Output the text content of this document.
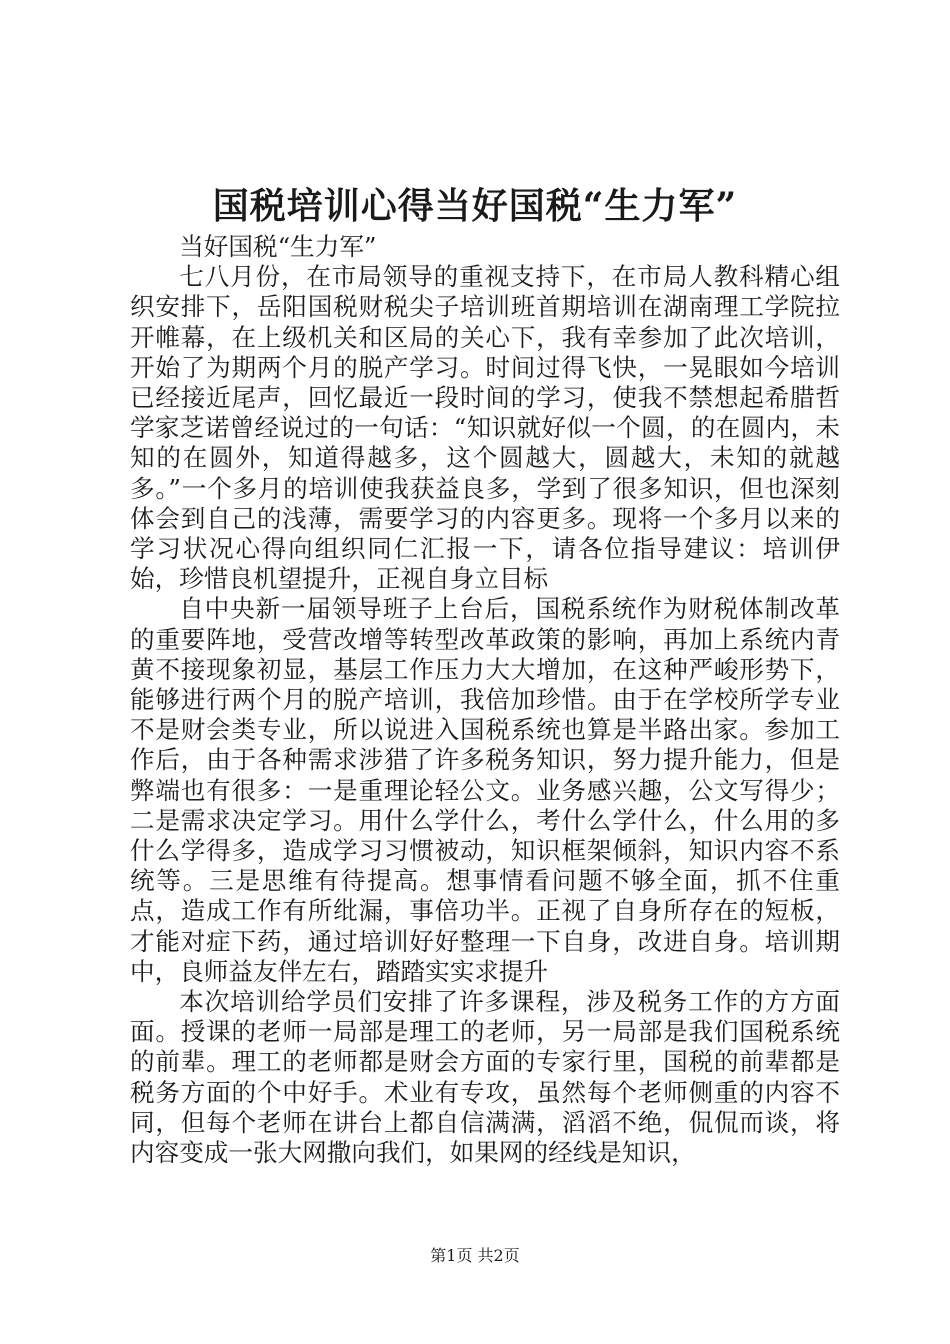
国税培训心得当好国税“生力军”

当好国税“生力军”

七八月份，在市局领导的重视支持下，在市局人教科精心组织安排下，岳阳国税财税尖子培训班首期培训在湖南理工学院拉开帷幕，在上级机关和区局的关心下，我有幸参加了此次培训，开始了为期两个月的脱产学习。时间过得飞快，一晃眼如今培训已经接近尾声，回忆最近一段时间的学习，使我不禁想起希腊哲学家芝诺曾经说过的一句话：“知识就好似一个圆，的在圆内，未知的在圆外，知道得越多，这个圆越大，圆越大，未知的就越多。”一个多月的培训使我获益良多，学到了很多知识，但也深刻体会到自己的浅薄，需要学习的内容更多。现将一个多月以来的学习状况心得向组织同仁汇报一下，请各位指导建议：培训伊始，珍惜良机望提升，正视自身立目标

自中央新一届领导班子上台后，国税系统作为财税体制改革的重要阵地，受营改增等转型改革政策的影响，再加上系统内青黄不接现象初显，基层工作压力大大增加，在这种严峻形势下，能够进行两个月的脱产培训，我倍加珍惜。由于在学校所学专业不是财会类专业，所以说进入国税系统也算是半路出家。参加工作后，由于各种需求涉猎了许多税务知识，努力提升能力，但是弊端也有很多：一是重理论轻公文。业务感兴趣，公文写得少；二是需求决定学习。用什么学什么，考什么学什么，什么用的多什么学得多，造成学习习惯被动，知识框架倾斜，知识内容不系统等。三是思维有待提高。想事情看问题不够全面，抓不住重点，造成工作有所纰漏，事倍功半。正视了自身所存在的短板，才能对症下药，通过培训好好整理一下自身，改进自身。培训期中，良师益友伴左右，踏踏实实求提升

本次培训给学员们安排了许多课程，涉及税务工作的方方面面。授课的老师一局部是理工的老师，另一局部是我们国税系统的前辈。理工的老师都是财会方面的专家行里，国税的前辈都是税务方面的个中好手。术业有专攻，虽然每个老师侧重的内容不同，但每个老师在讲台上都自信满满，滔滔不绝，侃侃而谈，将内容变成一张大网撒向我们，如果网的经线是知识，

第1页 共2页
